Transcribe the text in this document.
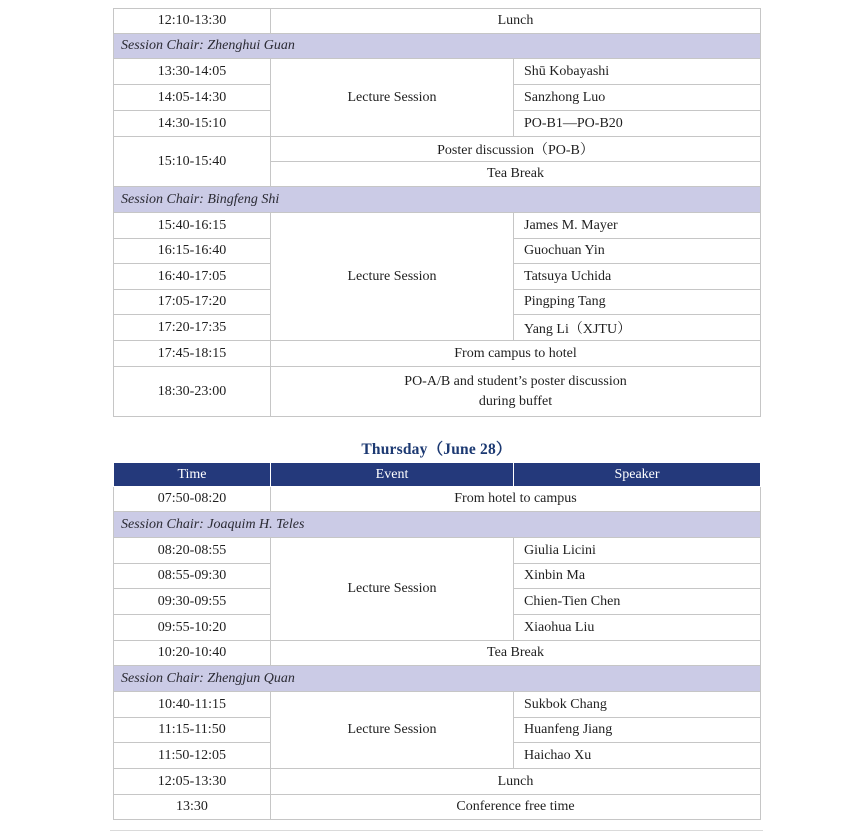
12:10-13:30	Lunch	
Session Chair: Zhenghui Guan		
13:30-14:05	Lecture Session	Shū Kobayashi
14:05-14:30		Sanzhong Luo
14:30-15:10		PO-B1—PO-B20
15:10-15:40	Poster discussion（PO-B）	
	Tea Break	
Session Chair: Bingfeng Shi		
15:40-16:15	Lecture Session	James M. Mayer
16:15-16:40		Guochuan Yin
16:40-17:05		Tatsuya Uchida
17:05-17:20		Pingping Tang
17:20-17:35		Yang Li（XJTU）
17:45-18:15	From campus to hotel	
18:30-23:00	PO-A/B and student’s poster discussion
during buffet	
Thursday（June 28）
Time	Event	Speaker
07:50-08:20	From hotel to campus	
Session Chair: Joaquim H. Teles		
08:20-08:55	Lecture Session	Giulia Licini
08:55-09:30		Xinbin Ma
09:30-09:55		Chien-Tien Chen
09:55-10:20		Xiaohua Liu
10:20-10:40	Tea Break	
Session Chair: Zhengjun Quan		
10:40-11:15	Lecture Session	Sukbok Chang
11:15-11:50		Huanfeng Jiang
11:50-12:05		Haichao Xu
12:05-13:30	Lunch	
13:30	Conference free time	
